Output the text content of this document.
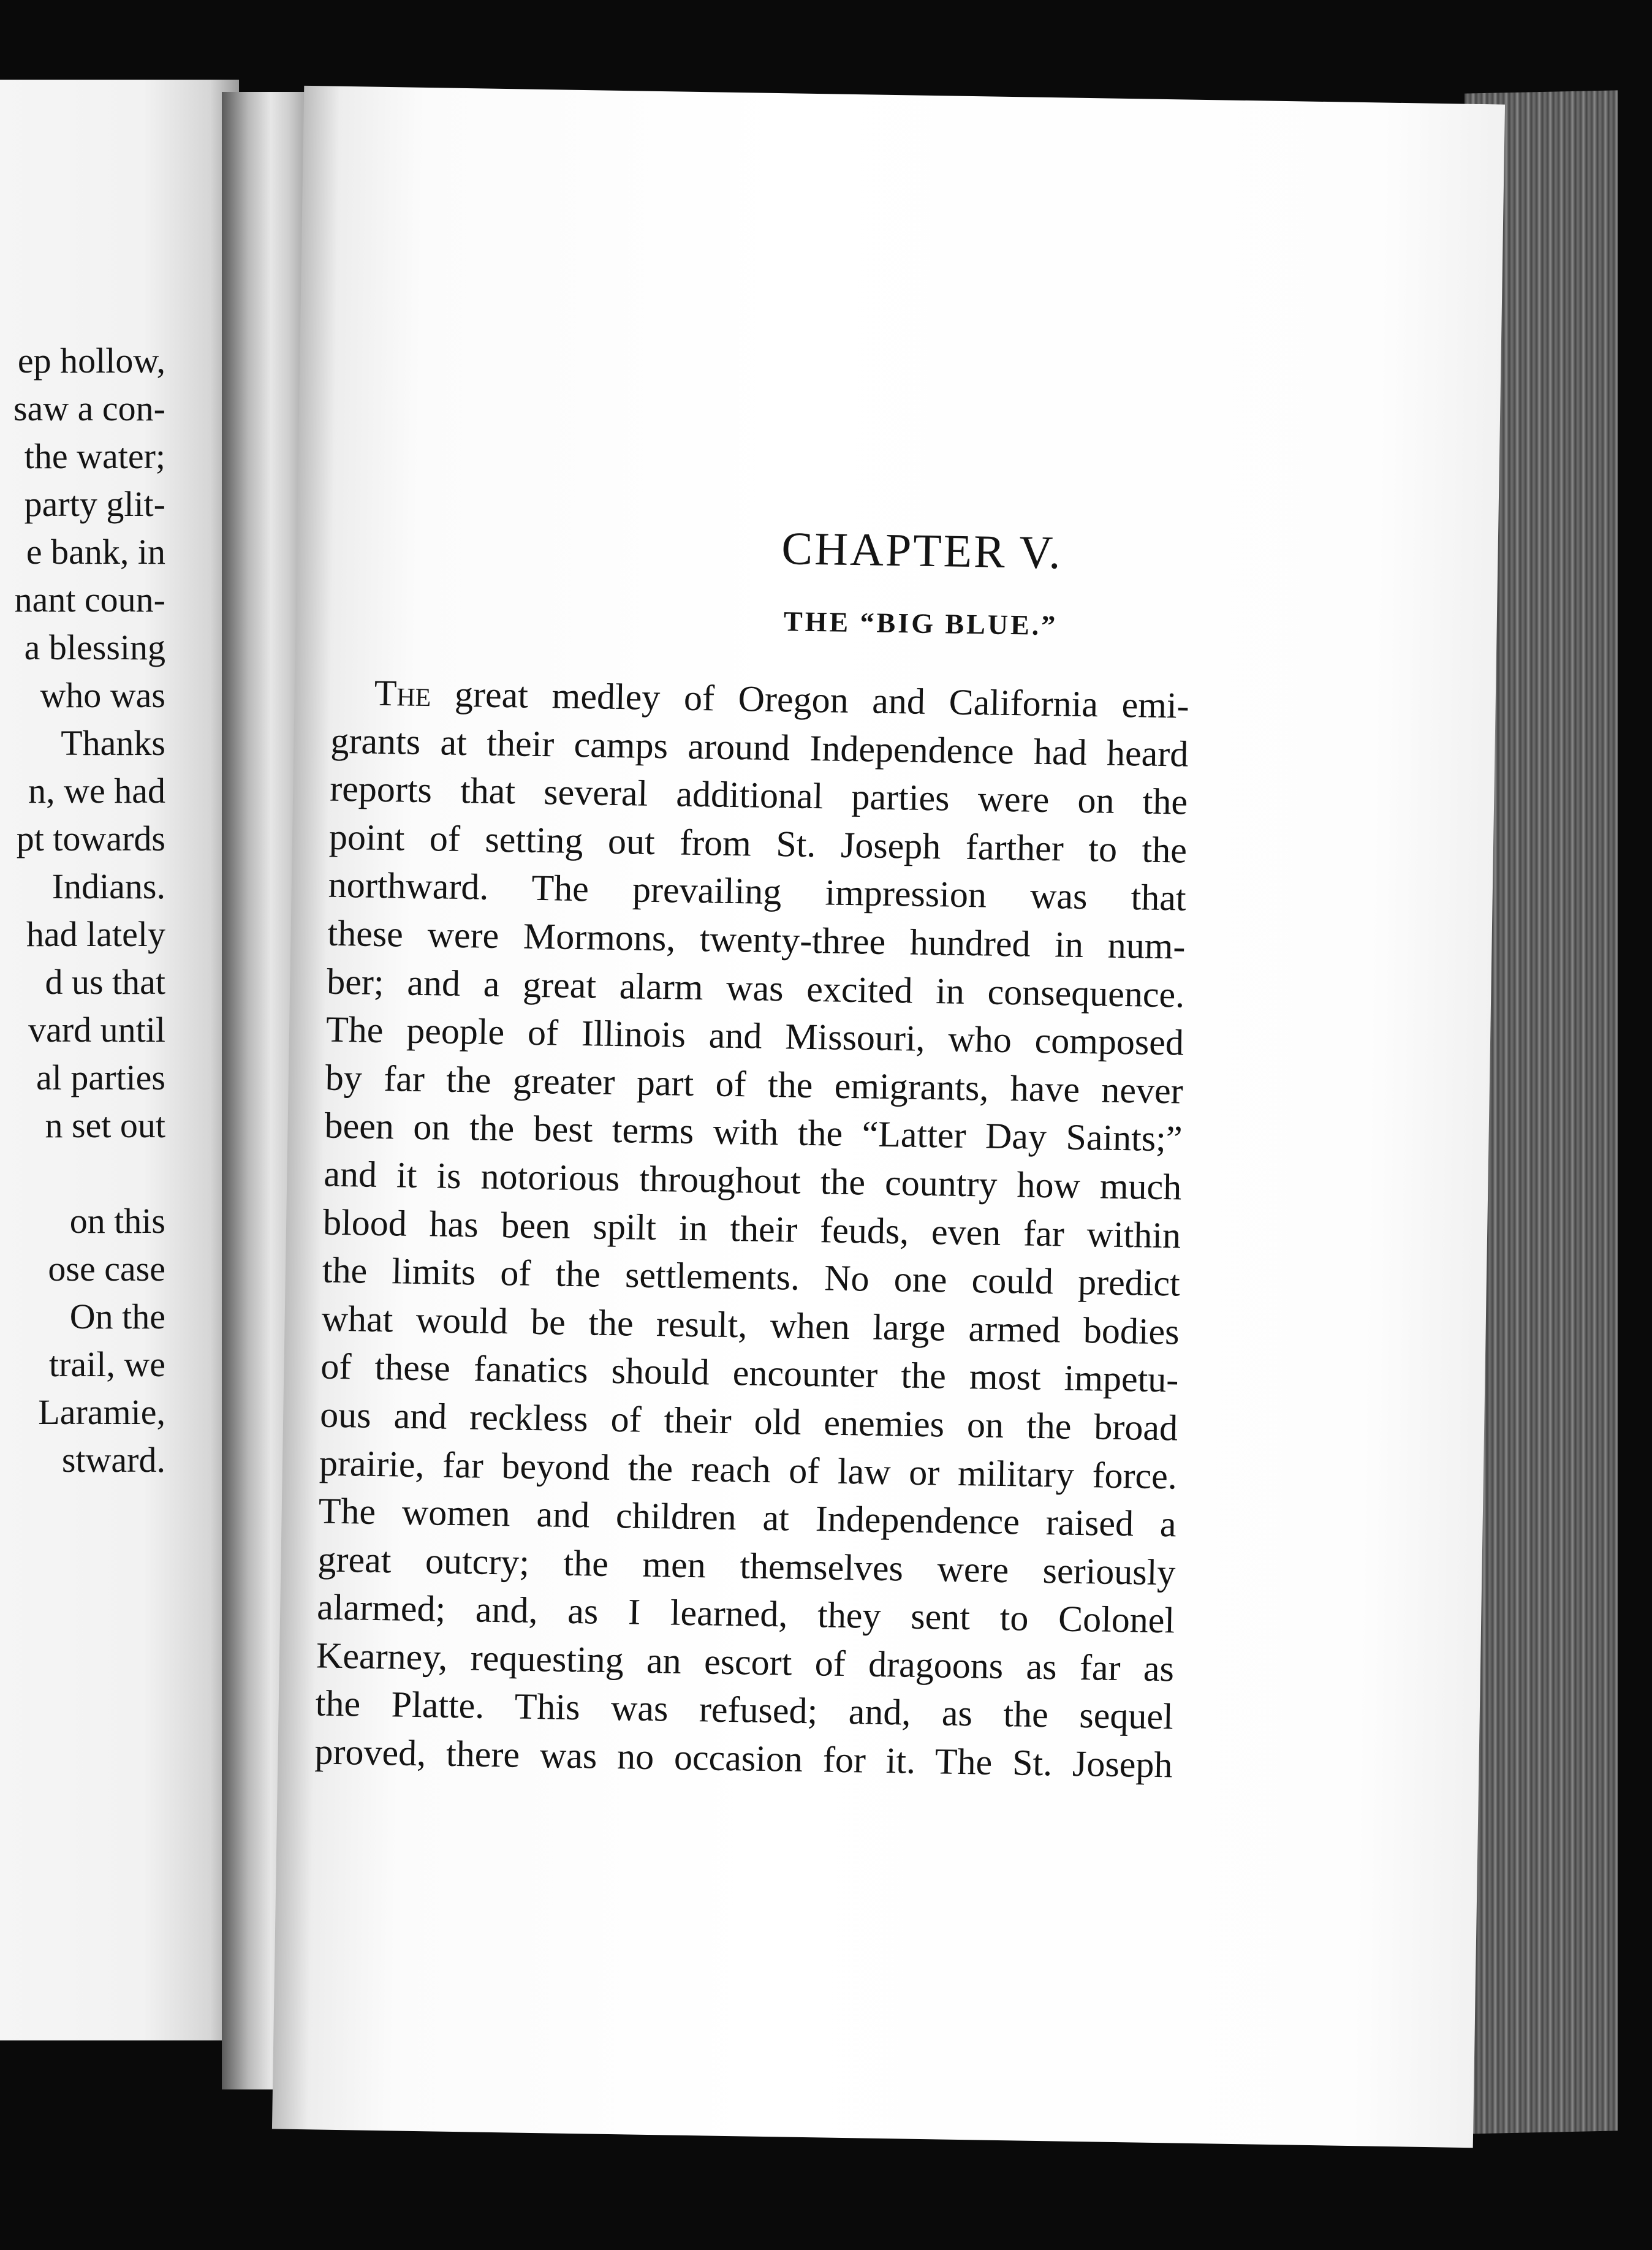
ep hollow,
saw a con-
the water;
party glit-
e bank, in
nant coun-
a blessing
who was
Thanks
n, we had
pt towards
Indians.
had lately
d us that
vard until
al parties
n set out
on this
ose case
On the
trail, we
Laramie,
stward.
CHAPTER V.
THE “BIG BLUE.”
The great medley of Oregon and California emi-
grants at their camps around Independence had heard
reports that several additional parties were on the
point of setting out from St. Joseph farther to the
northward. The prevailing impression was that
these were Mormons, twenty-three hundred in num-
ber; and a great alarm was excited in consequence.
The people of Illinois and Missouri, who composed
by far the greater part of the emigrants, have never
been on the best terms with the “Latter Day Saints;”
and it is notorious throughout the country how much
blood has been spilt in their feuds, even far within
the limits of the settlements. No one could predict
what would be the result, when large armed bodies
of these fanatics should encounter the most impetu-
ous and reckless of their old enemies on the broad
prairie, far beyond the reach of law or military force.
The women and children at Independence raised a
great outcry; the men themselves were seriously
alarmed; and, as I learned, they sent to Colonel
Kearney, requesting an escort of dragoons as far as
the Platte. This was refused; and, as the sequel
proved, there was no occasion for it. The St. Joseph
